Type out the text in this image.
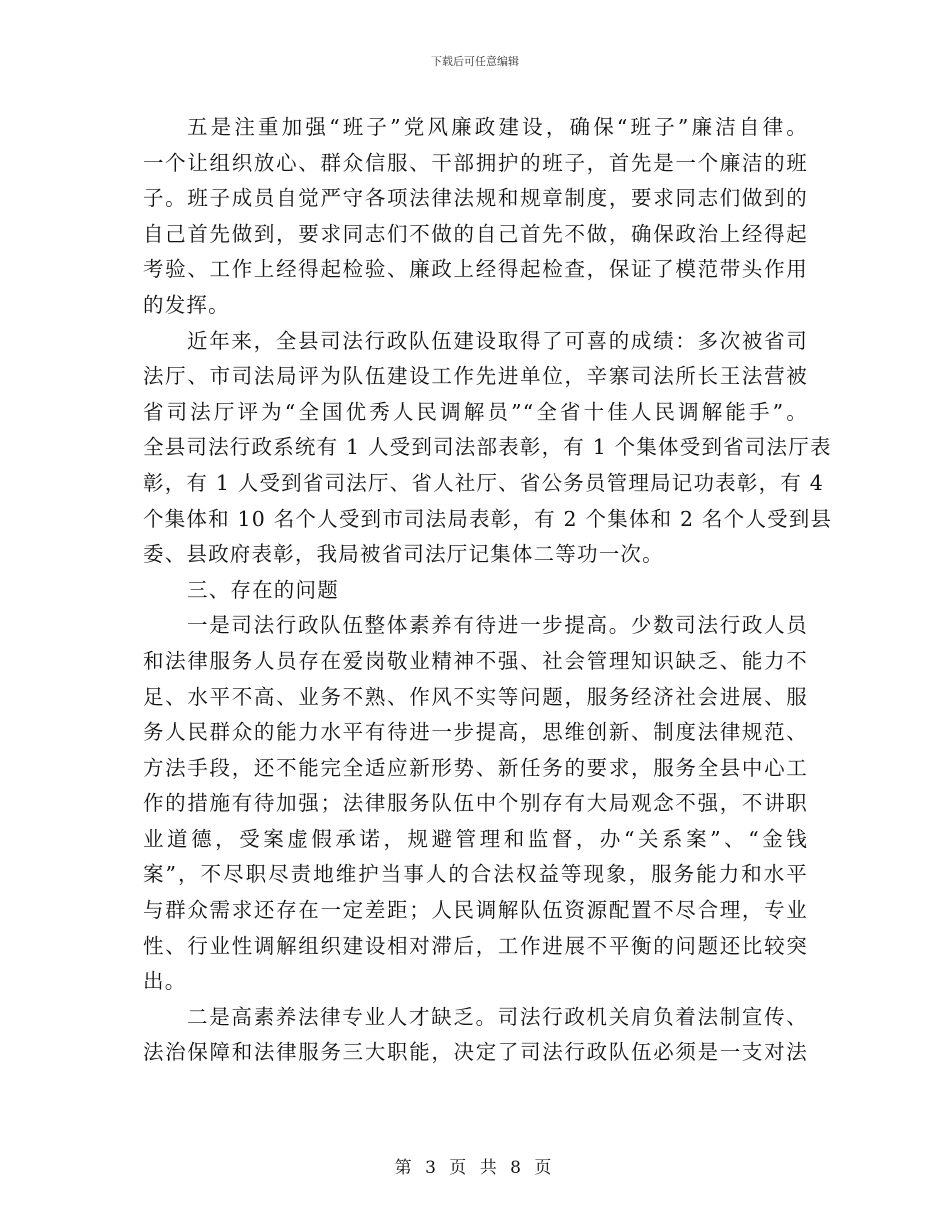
下载后可任意编辑
五是注重加强“班子”党风廉政建设，确保“班子”廉洁自律。
一个让组织放心、群众信服、干部拥护的班子，首先是一个廉洁的班
子。班子成员自觉严守各项法律法规和规章制度，要求同志们做到的
自己首先做到，要求同志们不做的自己首先不做，确保政治上经得起
考验、工作上经得起检验、廉政上经得起检查，保证了模范带头作用
的发挥。
近年来，全县司法行政队伍建设取得了可喜的成绩：多次被省司
法厅、市司法局评为队伍建设工作先进单位，辛寨司法所长王法营被
省司法厅评为“全国优秀人民调解员”“全省十佳人民调解能手”。
全县司法行政系统有 1 人受到司法部表彰，有 1 个集体受到省司法厅表
彰，有 1 人受到省司法厅、省人社厅、省公务员管理局记功表彰，有 4
个集体和 10 名个人受到市司法局表彰，有 2 个集体和 2 名个人受到县
委、县政府表彰，我局被省司法厅记集体二等功一次。
三、存在的问题
一是司法行政队伍整体素养有待进一步提高。少数司法行政人员
和法律服务人员存在爱岗敬业精神不强、社会管理知识缺乏、能力不
足、水平不高、业务不熟、作风不实等问题，服务经济社会进展、服
务人民群众的能力水平有待进一步提高，思维创新、制度法律规范、
方法手段，还不能完全适应新形势、新任务的要求，服务全县中心工
作的措施有待加强；法律服务队伍中个别存有大局观念不强，不讲职
业道德，受案虚假承诺，规避管理和监督，办“关系案”、“金钱
案”，不尽职尽责地维护当事人的合法权益等现象，服务能力和水平
与群众需求还存在一定差距；人民调解队伍资源配置不尽合理，专业
性、行业性调解组织建设相对滞后，工作进展不平衡的问题还比较突
出。
二是高素养法律专业人才缺乏。司法行政机关肩负着法制宣传、
法治保障和法律服务三大职能，决定了司法行政队伍必须是一支对法
第 3 页 共 8 页
